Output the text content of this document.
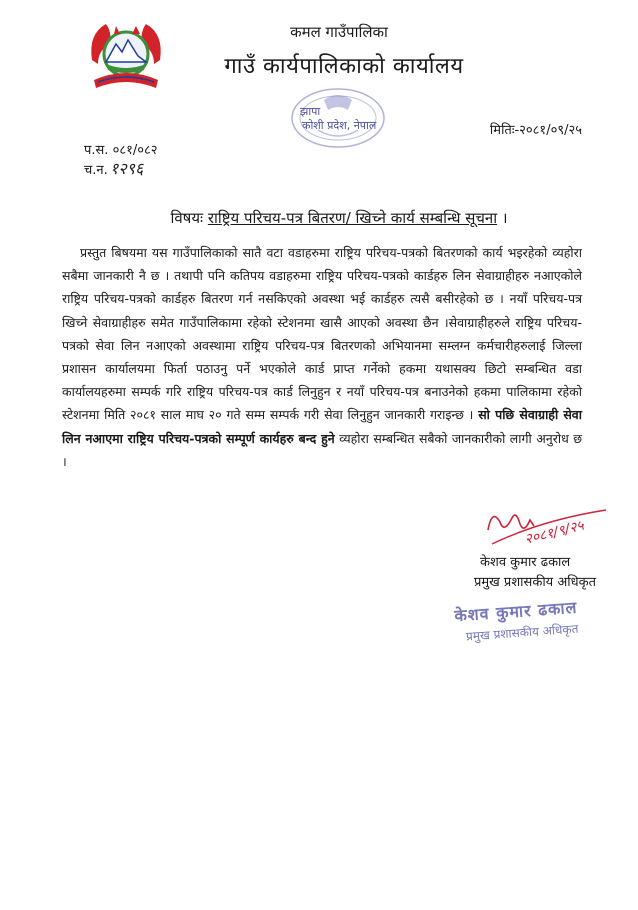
कमल गाउँपालिका
गाउँ कार्यपालिकाको कार्यालय
झापा
कोशी प्रदेश, नेपाल	मितिः-२०८१/०९/२५
प.स. ०८१/०८२
च.न. १२९६
विषयः राष्ट्रिय परिचय-पत्र बितरण/ खिच्ने कार्य सम्बन्धि सूचना ।

प्रस्तुत बिषयमा यस गाउँपालिकाको सातै वटा वडाहरुमा राष्ट्रिय परिचय-पत्रको बितरणको कार्य भइरहेको व्यहोरा सबैमा जानकारी नै छ । तथापी पनि कतिपय वडाहरुमा राष्ट्रिय परिचय-पत्रको कार्डहरु लिन सेवाग्राहीहरु नआएकोले राष्ट्रिय परिचय-पत्रको कार्डहरु बितरण गर्न नसकिएको अवस्था भई कार्डहरु त्यसै बसीरहेको छ । नयाँ परिचय-पत्र खिच्ने सेवाग्राहीहरु समेत गाउँपालिकामा रहेको स्टेशनमा खासै आएको अवस्था छैन ।सेवाग्राहीहरुले राष्ट्रिय परिचय-पत्रको सेवा लिन नआएको अवस्थामा राष्ट्रिय परिचय-पत्र बितरणको अभियानमा सम्लग्न कर्मचारीहरुलाई जिल्ला प्रशासन कार्यालयमा फिर्ता पठाउनु पर्ने भएकोले कार्ड प्राप्त गर्नेको हकमा यथासक्य छिटो सम्बन्धित वडा कार्यालयहरुमा सम्पर्क गरि राष्ट्रिय परिचय-पत्र कार्ड लिनुहुन र नयाँ परिचय-पत्र बनाउनेको हकमा पालिकामा रहेको स्टेशनमा मिति २०८१ साल माघ २० गते सम्म सम्पर्क गरी सेवा लिनुहुन जानकारी गराइन्छ । सो पछि सेवाग्राही सेवा लिन नआएमा राष्ट्रिय परिचय-पत्रको सम्पूर्ण कार्यहरु बन्द हुने व्यहोरा सम्बन्धित सबैको जानकारीको लागी अनुरोध छ ।

२०८१/९/२५
केशव कुमार ढकाल
प्रमुख प्रशासकीय अधिकृत
केशव कुमार ढकाल
प्रमुख प्रशासकीय अधिकृत
